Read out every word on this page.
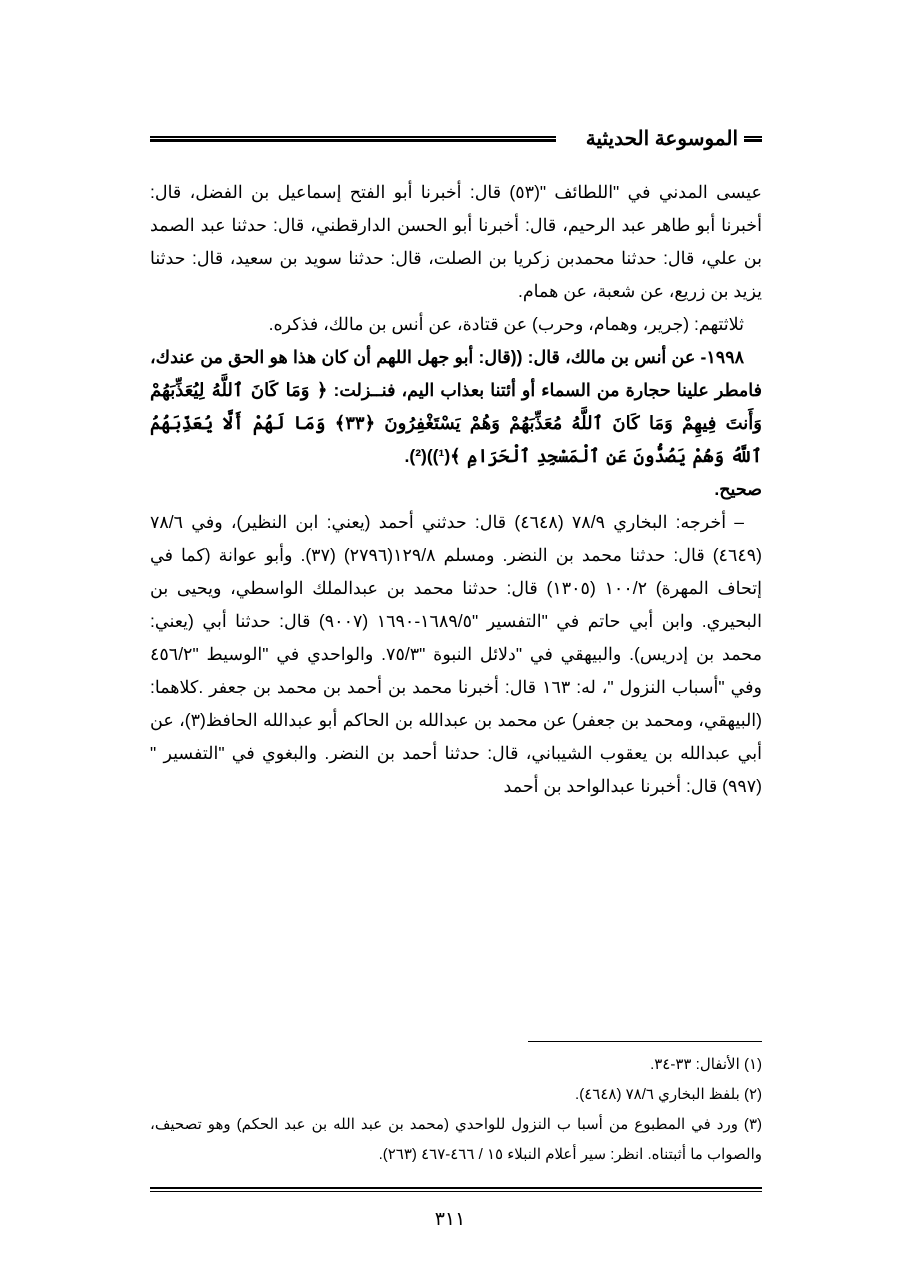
الموسوعة الحديثية

عيسى المدني في "اللطائف "(٥٣) قال: أخبرنا أبو الفتح إسماعيل بن الفضل، قال: أخبرنا أبو طاهر عبد الرحيم، قال: أخبرنا أبو الحسن الدارقطني، قال: حدثنا عبد الصمد بن علي، قال: حدثنا محمدبن زكريا بن الصلت، قال: حدثنا سويد بن سعيد، قال: حدثنا يزيد بن زريع، عن شعبة، عن همام.

ثلاثتهم: (جرير، وهمام، وحرب) عن قتادة، عن أنس بن مالك، فذكره.

١٩٩٨- عن أنس بن مالك، قال: ((قال: أبو جهل اللهم أن كان هذا هو الحق من عندك، فامطر علينا حجارة من السماء أو أئتنا بعذاب اليم، فنــزلت: ﴿ وَمَا كَانَ ٱللَّهُ لِيُعَذِّبَهُمْ وَأَنتَ فِيهِمْ وَمَا كَانَ ٱللَّهُ مُعَذِّبَهُمْ وَهُمْ يَسْتَغْفِرُونَ ﴿٣٣﴾ وَمَا لَهُمْ أَلَّا يُعَذِّبَهُمُ ٱللَّهُ وَهُمْ يَصُدُّونَ عَنِ ٱلْمَسْجِدِ ٱلْحَرَامِ ﴾(¹))(²).

صحيح.

– أخرجه: البخاري ٧٨/٩ (٤٦٤٨) قال: حدثني أحمد (يعني: ابن النظير)، وفي ٧٨/٦ (٤٦٤٩) قال: حدثنا محمد بن النضر. ومسلم ١٢٩/٨(٢٧٩٦) (٣٧). وأبو عوانة (كما في إتحاف المهرة) ١٠٠/٢ (١٣٠٥) قال: حدثنا محمد بن عبدالملك الواسطي، ويحيى بن البحيري. وابن أبي حاتم في "التفسير "١٦٨٩/٥-١٦٩٠ (٩٠٠٧) قال: حدثنا أبي (يعني: محمد بن إدريس). والبيهقي في "دلائل النبوة "٧٥/٣. والواحدي في "الوسيط "٤٥٦/٢ وفي "أسباب النزول "، له: ١٦٣ قال: أخبرنا محمد بن أحمد بن محمد بن جعفر .كلاهما:(البيهقي، ومحمد بن جعفر) عن محمد بن عبدالله بن الحاكم أبو عبدالله الحافظ(٣)، عن أبي عبدالله بن يعقوب الشيباني، قال: حدثنا أحمد بن النضر. والبغوي في "التفسير "(٩٩٧) قال: أخبرنا عبدالواحد بن أحمد

(١) الأنفال: ٣٣-٣٤.

(٢) بلفظ البخاري ٧٨/٦ (٤٦٤٨).

(٣) ورد في المطبوع من أسبا ب النزول للواحدي (محمد بن عبد الله بن عبد الحكم) وهو تصحيف، والصواب ما أثبتناه. انظر: سير أعلام النبلاء ١٥ / ٤٦٦-٤٦٧ (٢٦٣).

٣١١
